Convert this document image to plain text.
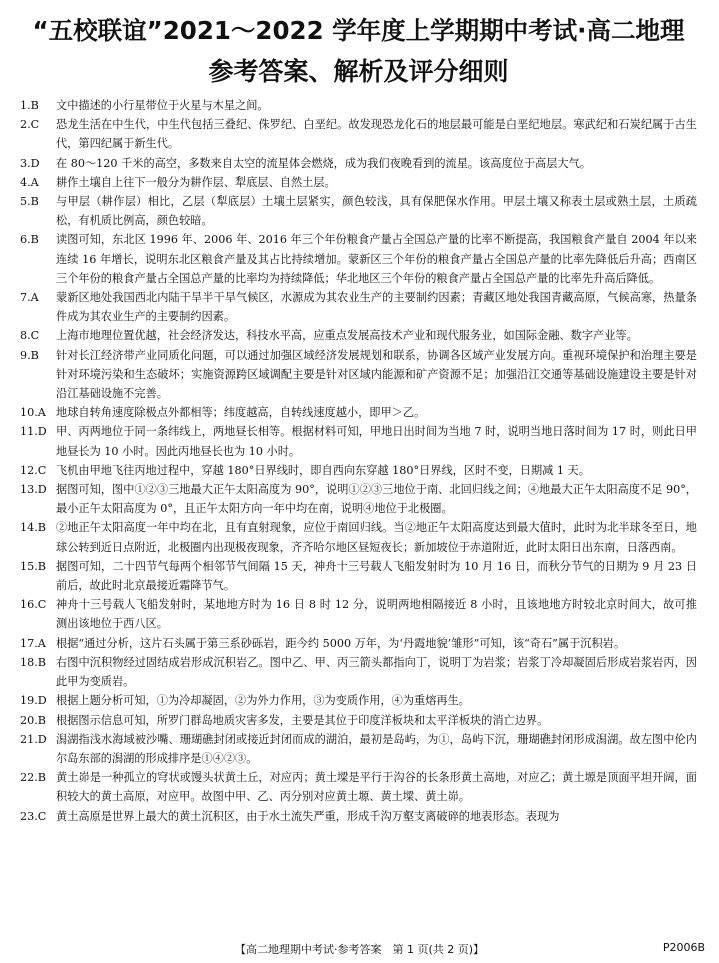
“五校联谊”2021～2022 学年度上学期期中考试·高二地理
参考答案、解析及评分细则
1.B	文中描述的小行星带位于火星与木星之间。
2.C	恐龙生活在中生代，中生代包括三叠纪、侏罗纪、白垩纪。故发现恐龙化石的地层最可能是白垩纪地层。寒武纪和石炭纪属于古生代，第四纪属于新生代。
3.D	在 80～120 千米的高空，多数来自太空的流星体会燃烧，成为我们夜晚看到的流星。该高度位于高层大气。
4.A	耕作土壤自上往下一般分为耕作层、犁底层、自然土层。
5.B	与甲层（耕作层）相比，乙层（犁底层）土壤土层紧实，颜色较浅，具有保肥保水作用。甲层土壤又称表土层或熟土层，土质疏松，有机质比例高，颜色较暗。
6.B	读图可知，东北区 1996 年、2006 年、2016 年三个年份粮食产量占全国总产量的比率不断提高，我国粮食产量自 2004 年以来连续 16 年增长，说明东北区粮食产量及其占比持续增加。蒙新区三个年份的粮食产量占全国总产量的比率先降低后升高；西南区三个年份的粮食产量占全国总产量的比率均为持续降低；华北地区三个年份的粮食产量占全国总产量的比率先升高后降低。
7.A	蒙新区地处我国西北内陆干旱半干旱气候区，水源成为其农业生产的主要制约因素；青藏区地处我国青藏高原，气候高寒，热量条件成为其农业生产的主要制约因素。
8.C	上海市地理位置优越，社会经济发达，科技水平高，应重点发展高技术产业和现代服务业，如国际金融、数字产业等。
9.B	针对长江经济带产业同质化问题，可以通过加强区域经济发展规划和联系，协调各区域产业发展方向。重视环境保护和治理主要是针对环境污染和生态破坏；实施资源跨区域调配主要是针对区域内能源和矿产资源不足；加强沿江交通等基础设施建设主要是针对沿江基础设施不完善。
10.A 地球自转角速度除极点外都相等；纬度越高，自转线速度越小，即甲＞乙。
11.D 甲、丙两地位于同一条纬线上，两地昼长相等。根据材料可知，甲地日出时间为当地 7 时，说明当地日落时间为 17 时，则此日甲地昼长为 10 小时。因此丙地昼长也为 10 小时。
12.C 飞机由甲地飞往丙地过程中，穿越 180°日界线时，即自西向东穿越 180°日界线，区时不变，日期减 1 天。
13.D 据图可知，图中①②③三地最大正午太阳高度为 90°，说明①②③三地位于南、北回归线之间；④地最大正午太阳高度不足 90°，最小正午太阳高度为 0°，且正午太阳方向一年中均在南，说明④地位于北极圈。
14.B ②地正午太阳高度一年中均在北，且有直射现象，应位于南回归线。当②地正午太阳高度达到最大值时，此时为北半球冬至日，地球公转到近日点附近，北极圈内出现极夜现象，齐齐哈尔地区昼短夜长；新加坡位于赤道附近，此时太阳日出东南，日落西南。
15.B 据图可知，二十四节气每两个相邻节气间隔 15 天，神舟十三号载人飞船发射时为 10 月 16 日，而秋分节气的日期为 9 月 23 日前后，故此时北京最接近霜降节气。
16.C 神舟十三号载人飞船发射时，某地地方时为 16 日 8 时 12 分，说明两地相隔接近 8 小时，且该地地方时较北京时间大，故可推测出该地位于西八区。
17.A 根据“通过分析，这片石头属于第三系砂砾岩，距今约 5000 万年，为‘丹霞地貌’雏形”可知，该“奇石”属于沉积岩。
18.B 右图中沉积物经过固结成岩形成沉积岩乙。图中乙、甲、丙三箭头都指向丁，说明丁为岩浆；岩浆丁冷却凝固后形成岩浆岩丙，因此甲为变质岩。
19.D 根据上题分析可知，①为冷却凝固，②为外力作用，③为变质作用，④为重熔再生。
20.B 根据图示信息可知，所罗门群岛地质灾害多发，主要是其位于印度洋板块和太平洋板块的消亡边界。
21.D 潟湖指浅水海域被沙嘴、珊瑚礁封闭或接近封闭而成的湖泊，最初是岛屿，为①，岛屿下沉，珊瑚礁封闭形成潟湖。故左图中伦内尔岛东部的潟湖的形成排序是①④②③。
22.B 黄土峁是一种孤立的穹状或馒头状黄土丘，对应丙；黄土墚是平行于沟谷的长条形黄土高地，对应乙；黄土塬是顶面平坦开阔，面积较大的黄土高原，对应甲。故图中甲、乙、丙分别对应黄土塬、黄土墚、黄土峁。
23.C 黄土高原是世界上最大的黄土沉积区，由于水土流失严重，形成千沟万壑支离破碎的地表形态。表现为
【高二地理期中考试·参考答案　第 1 页(共 2 页)】	P2006B
